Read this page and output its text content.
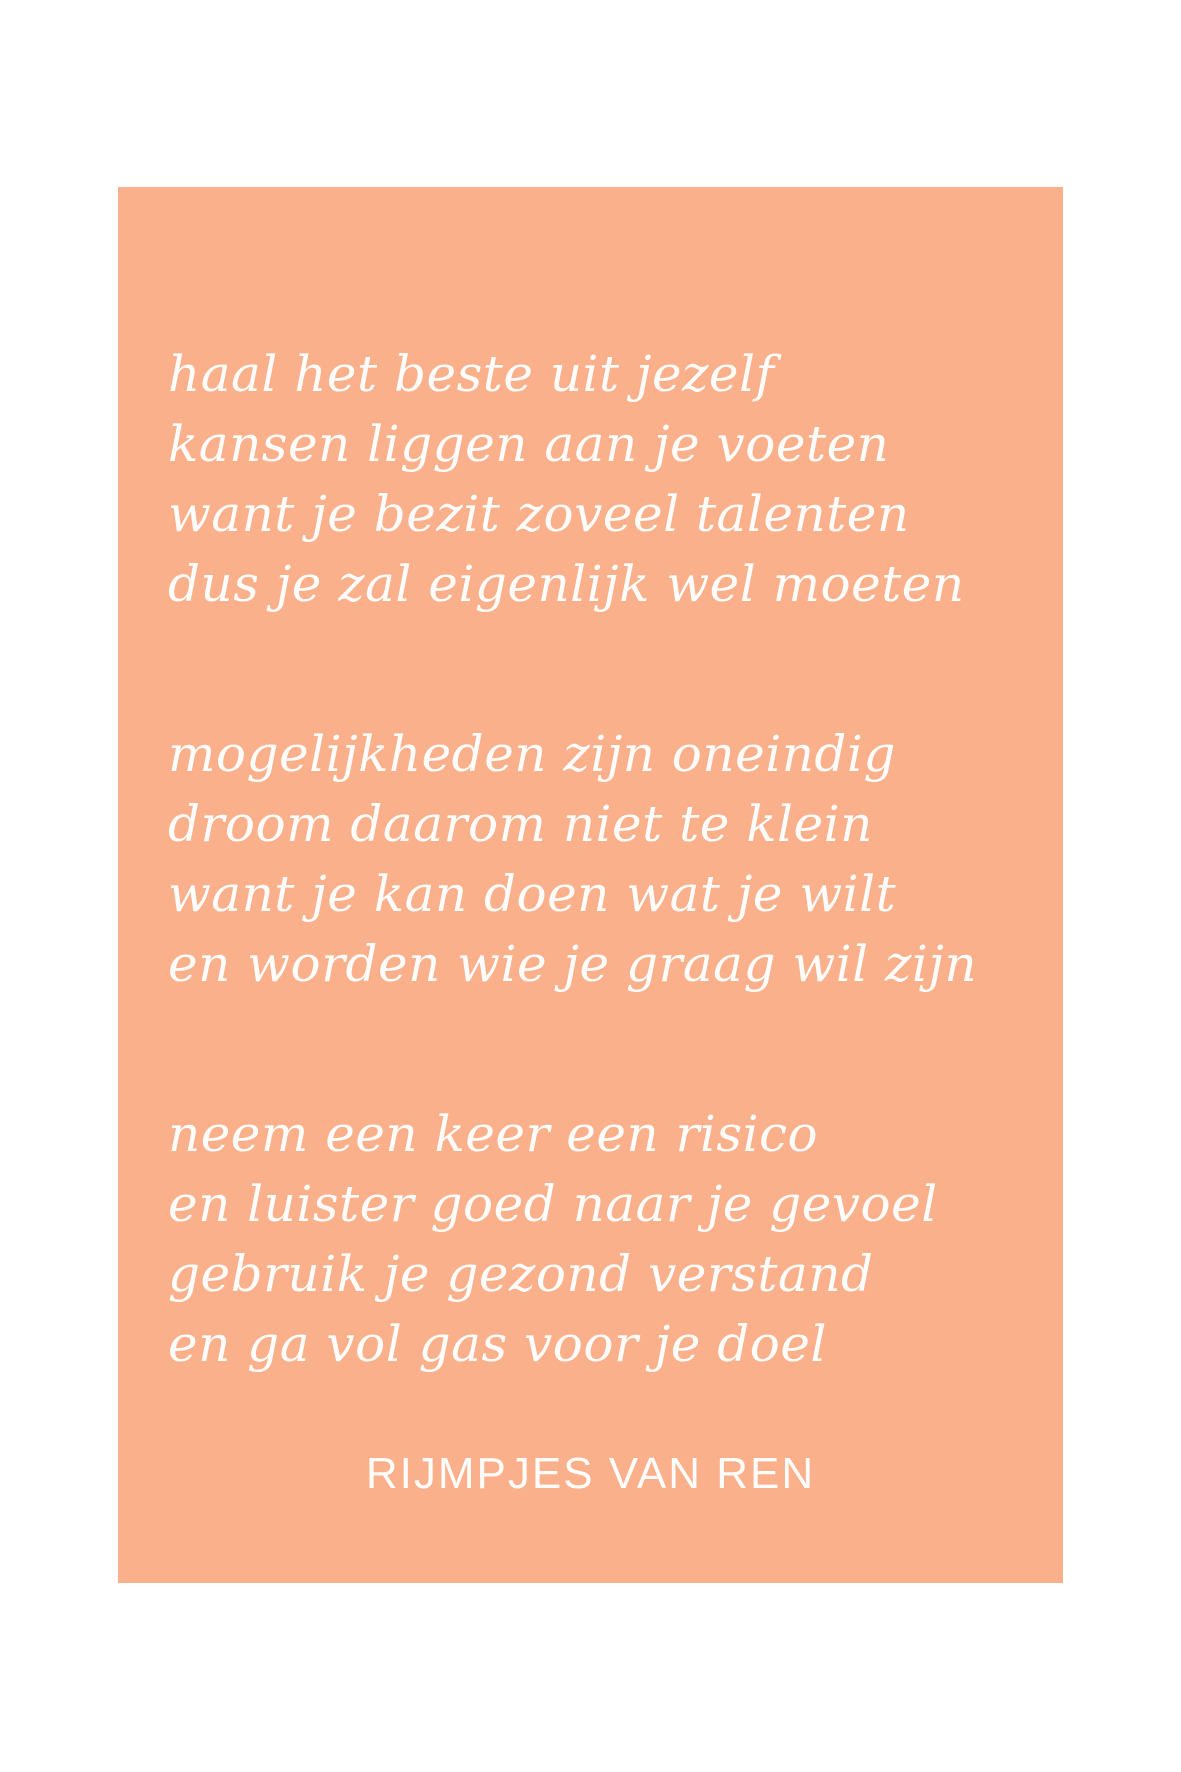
haal het beste uit jezelf
kansen liggen aan je voeten
want je bezit zoveel talenten
dus je zal eigenlijk wel moeten
mogelijkheden zijn oneindig
droom daarom niet te klein
want je kan doen wat je wilt
en worden wie je graag wil zijn
neem een keer een risico
en luister goed naar je gevoel
gebruik je gezond verstand
en ga vol gas voor je doel
RIJMPJES VAN REN
